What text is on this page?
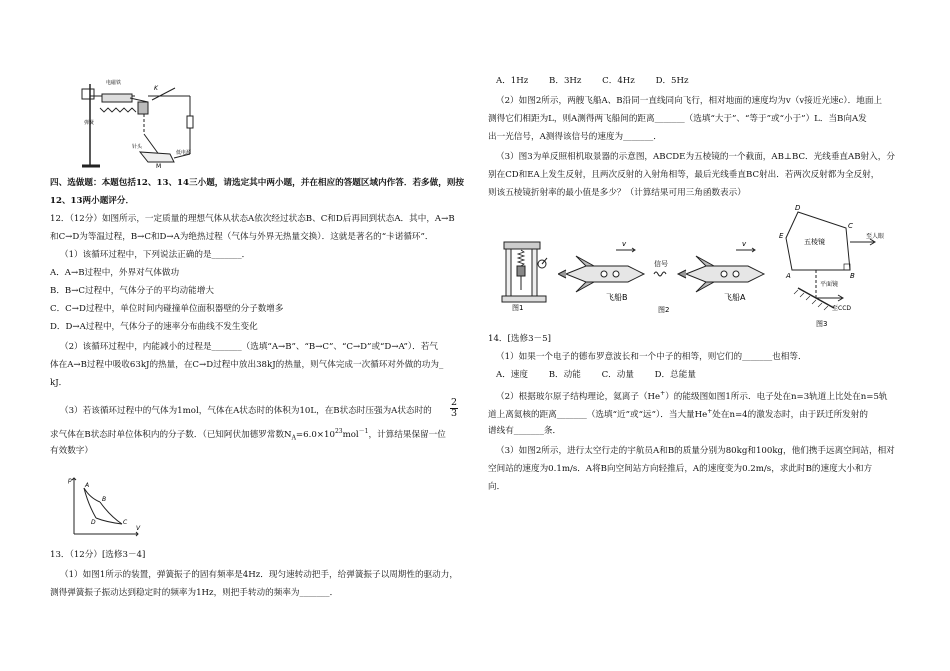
电磁铁
K
弹簧
针头
低电源
M
四、选做题：本题包括12、13、14三小题，请选定其中两小题，并在相应的答题区域内作答．若多做，则按
12、13两小题评分．
12．（12分）如图所示，一定质量的理想气体从状态A依次经过状态B、C和D后再回到状态A．其中，A→B
和C→D为等温过程，B→C和D→A为绝热过程（气体与外界无热量交换）．这就是著名的“卡诺循环”．
（1）该循环过程中，下列说法正确的是_______．
A．A→B过程中，外界对气体做功
B．B→C过程中，气体分子的平均动能增大
C．C→D过程中，单位时间内碰撞单位面积器壁的分子数增多
D．D→A过程中，气体分子的速率分布曲线不发生变化
（2）该循环过程中，内能减小的过程是_______（选填“A→B”、“B→C”、“C→D”或“D→A”）．若气
体在A→B过程中吸收63kJ的热量，在C→D过程中放出38kJ的热量，则气体完成一次循环对外做的功为_
kJ．
（3）若该循环过程中的气体为1mol，气体在A状态时的体积为10L，在B状态时压强为A状态时的 $\frac{2}{3}$
求气体在B状态时单位体积内的分子数．（已知阿伏加德罗常数$N_A=6.0\times 10^{23}mol^{-1}$，计算结果保留一位
有效数字）
p
V
A
B
C
D
13．（12分）[选修3－4]
（1）如图1所示的装置，弹簧振子的固有频率是4Hz．现匀速转动把手，给弹簧振子以周期性的驱动力，
测得弹簧振子振动达到稳定时的频率为1Hz，则把手转动的频率为_______．
A．1Hz B．3Hz C．4Hz D．5Hz
（2）如图2所示，两艘飞船A、B沿同一直线同向飞行，相对地面的速度均为v（v接近光速c）．地面上
测得它们相距为L，则A测得两飞船间的距离_______（选填“大于”、“等于”或“小于”）L．当B向A发
出一光信号，A测得该信号的速度为_______．
（3）图3为单反照相机取景器的示意图，ABCDE为五棱镜的一个截面，AB⊥BC．光线垂直AB射入，分
别在CD和EA上发生反射，且两次反射的入射角相等，最后光线垂直BC射出．若两次反射都为全反射，
则该五棱镜折射率的最小值是多少？（计算结果可用三角函数表示）
图1
v
信号
v
飞船B	飞船A
图2
D
C
B
A
E
五棱镜
至人眼
平面镜
至CCD
图3
14．[选修3－5]
（1）如果一个电子的德布罗意波长和一个中子的相等，则它们的_______也相等．
A．速度 B．动能 C．动量 D．总能量
（2）根据玻尔原子结构理论，氦离子（He+）的能级图如图1所示．电子处在n=3轨道上比处在n=5轨
道上离氦核的距离_______（选填“近”或“远”）．当大量He+处在n=4的激发态时，由于跃迁所发射的
谱线有_______条．
（3）如图2所示，进行太空行走的宇航员A和B的质量分别为80kg和100kg，他们携手远离空间站，相对
空间站的速度为0.1m/s．A将B向空间站方向轻推后，A的速度变为0.2m/s，求此时B的速度大小和方
向．
